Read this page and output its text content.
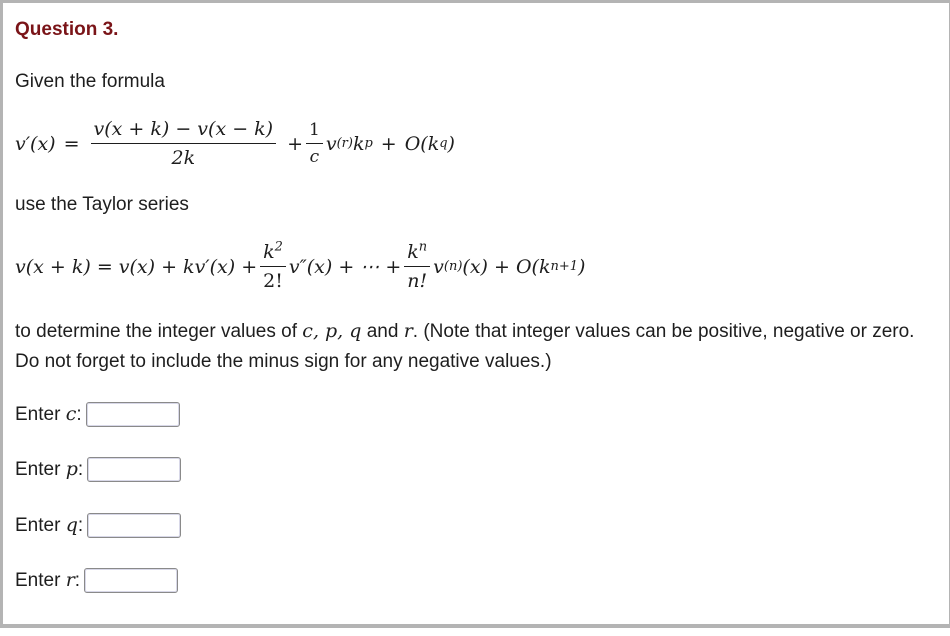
Question 3.
Given the formula
$v'(x) = \frac{v(x + k) - v(x - k)}{2k} + \frac{1}{c}$ v (r) k p + O(k q )
use the Taylor series
$v(x + k) = v(x) + kv'(x) + \frac{k^2}{2!} v''(x)$ + ⋯ + $\frac{k^n}{n!}$ v (n) (x) + O(k n+1 )
to determine the integer values of c, p, q and r. (Note that integer values can be positive, negative or zero.
Do not forget to include the minus sign for any negative values.)
Enter c:
Enter p:
Enter q:
Enter r:
